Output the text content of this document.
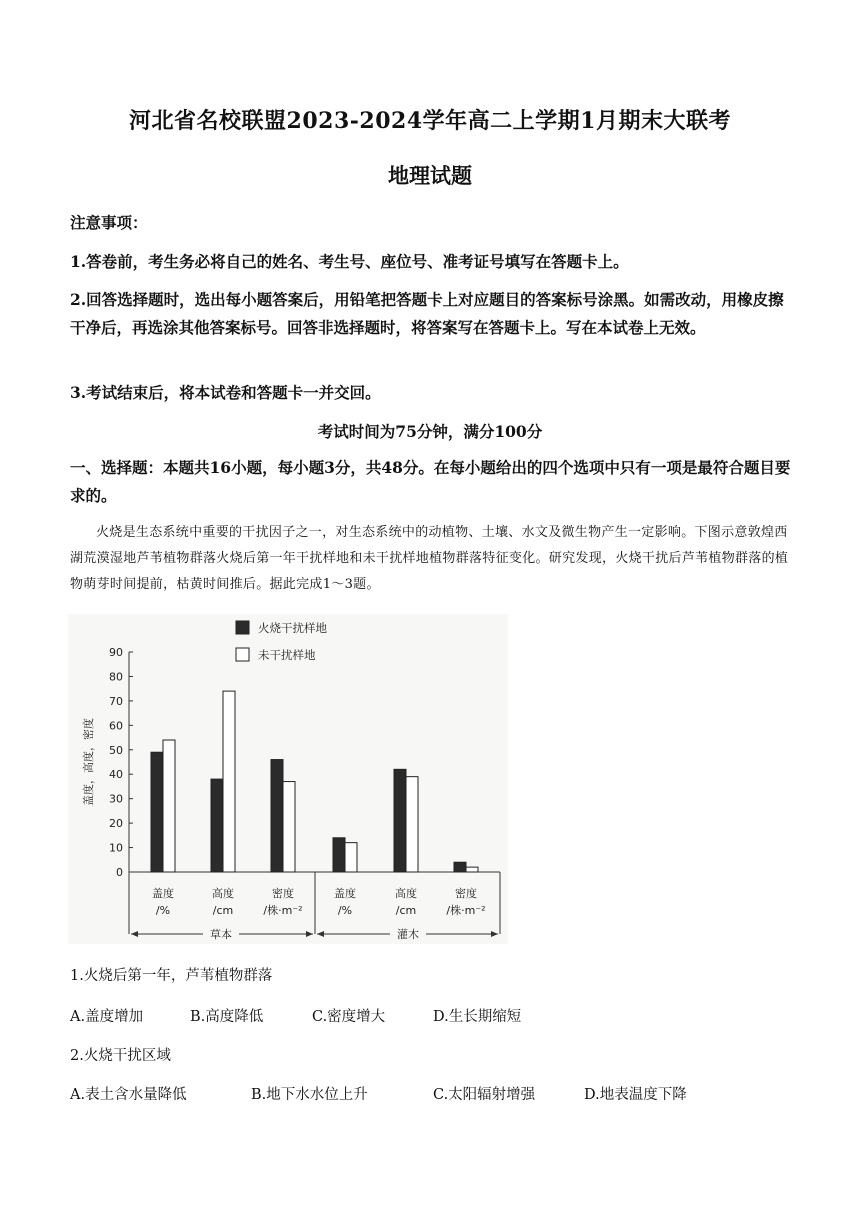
河北省名校联盟2023-2024学年高二上学期1月期末大联考
地理试题
注意事项：
1.答卷前，考生务必将自己的姓名、考生号、座位号、准考证号填写在答题卡上。
2.回答选择题时，选出每小题答案后，用铅笔把答题卡上对应题目的答案标号涂黑。如需改动，用橡皮擦干净后，再选涂其他答案标号。回答非选择题时，将答案写在答题卡上。写在本试卷上无效。
3.考试结束后，将本试卷和答题卡一并交回。
考试时间为75分钟，满分100分
一、选择题：本题共16小题，每小题3分，共48分。在每小题给出的四个选项中只有一项是最符合题目要求的。
火烧是生态系统中重要的干扰因子之一，对生态系统中的动植物、土壤、水文及微生物产生一定影响。下图示意敦煌西湖荒漠湿地芦苇植物群落火烧后第一年干扰样地和未干扰样地植物群落特征变化。研究发现，火烧干扰后芦苇植物群落的植物萌芽时间提前，枯黄时间推后。据此完成1～3题。
0
10
20
30
40
50
60
70
80
90
盖度，高度，密度
盖度
/%
高度
/cm
密度
/株·m⁻²
盖度
/%
高度
/cm
密度
/株·m⁻²
草本	灌木
火烧干扰样地
未干扰样地
1.火烧后第一年，芦苇植物群落
A.盖度增加	B.高度降低	C.密度增大	D.生长期缩短
2.火烧干扰区域
A.表土含水量降低	B.地下水水位上升	C.太阳辐射增强	D.地表温度下降
